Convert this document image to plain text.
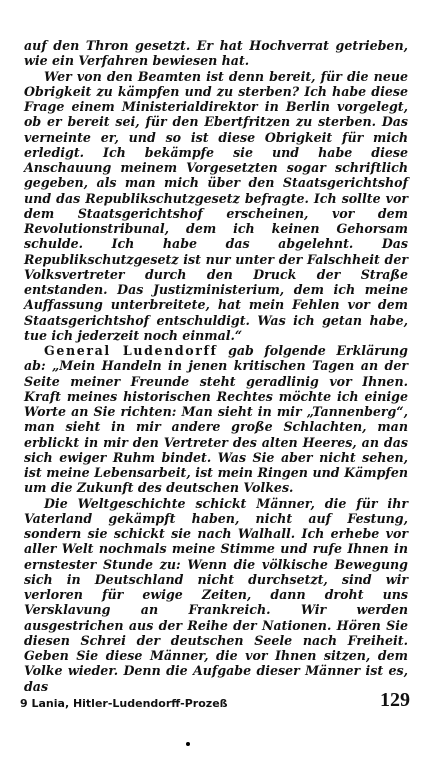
auf den Thron gesetzt. Er hat Hochverrat getrieben, wie ein Verfahren bewiesen hat.

Wer von den Beamten ist denn bereit, für die neue Obrigkeit zu kämpfen und zu sterben? Ich habe diese Frage einem Ministerialdirektor in Berlin vorgelegt, ob er bereit sei, für den Ebertfritzen zu sterben. Das verneinte er, und so ist diese Obrigkeit für mich erledigt. Ich bekämpfe sie und habe diese Anschauung meinem Vorgesetzten sogar schriftlich gegeben, als man mich über den Staatsgerichtshof und das Republikschutzgesetz befragte. Ich sollte vor dem Staatsgerichtshof erscheinen, vor dem Revolutionstribunal, dem ich keinen Gehorsam schulde. Ich habe das abgelehnt. Das Republikschutzgesetz ist nur unter der Falschheit der Volksvertreter durch den Druck der Straße entstanden. Das Justizministerium, dem ich meine Auffassung unterbreitete, hat mein Fehlen vor dem Staatsgerichtshof entschuldigt. Was ich getan habe, tue ich jederzeit noch einmal.“

General Ludendorff gab folgende Erklärung ab: „Mein Handeln in jenen kritischen Tagen an der Seite meiner Freunde steht geradlinig vor Ihnen. Kraft meines historischen Rechtes möchte ich einige Worte an Sie richten: Man sieht in mir „Tannenberg“, man sieht in mir andere große Schlachten, man erblickt in mir den Vertreter des alten Heeres, an das sich ewiger Ruhm bindet. Was Sie aber nicht sehen, ist meine Lebensarbeit, ist mein Ringen und Kämpfen um die Zukunft des deutschen Volkes.

Die Weltgeschichte schickt Männer, die für ihr Vaterland gekämpft haben, nicht auf Festung, sondern sie schickt sie nach Walhall. Ich erhebe vor aller Welt nochmals meine Stimme und rufe Ihnen in ernstester Stunde zu: Wenn die völkische Bewegung sich in Deutschland nicht durchsetzt, sind wir verloren für ewige Zeiten, dann droht uns Versklavung an Frankreich. Wir werden ausgestrichen aus der Reihe der Nationen. Hören Sie diesen Schrei der deutschen Seele nach Freiheit. Geben Sie diese Männer, die vor Ihnen sitzen, dem Volke wieder. Denn die Aufgabe dieser Männer ist es, das

9 Lania, Hitler-Ludendorff-Prozeß	129
